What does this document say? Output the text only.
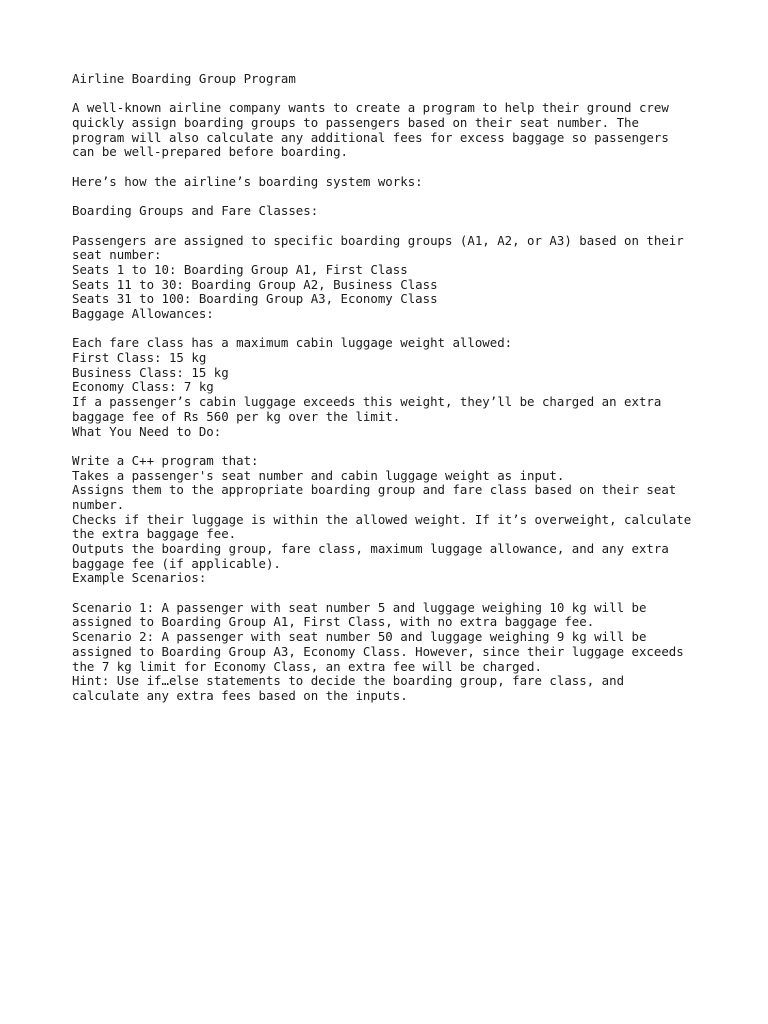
Airline Boarding Group Program
A well-known airline company wants to create a program to help their ground crew
quickly assign boarding groups to passengers based on their seat number. The
program will also calculate any additional fees for excess baggage so passengers
can be well-prepared before boarding.
Here’s how the airline’s boarding system works:
Boarding Groups and Fare Classes:
Passengers are assigned to specific boarding groups (A1, A2, or A3) based on their
seat number:
Seats 1 to 10: Boarding Group A1, First Class
Seats 11 to 30: Boarding Group A2, Business Class
Seats 31 to 100: Boarding Group A3, Economy Class
Baggage Allowances:
Each fare class has a maximum cabin luggage weight allowed:
First Class: 15 kg
Business Class: 15 kg
Economy Class: 7 kg
If a passenger’s cabin luggage exceeds this weight, they’ll be charged an extra
baggage fee of Rs 560 per kg over the limit.
What You Need to Do:
Write a C++ program that:
Takes a passenger's seat number and cabin luggage weight as input.
Assigns them to the appropriate boarding group and fare class based on their seat
number.
Checks if their luggage is within the allowed weight. If it’s overweight, calculate
the extra baggage fee.
Outputs the boarding group, fare class, maximum luggage allowance, and any extra
baggage fee (if applicable).
Example Scenarios:
Scenario 1: A passenger with seat number 5 and luggage weighing 10 kg will be
assigned to Boarding Group A1, First Class, with no extra baggage fee.
Scenario 2: A passenger with seat number 50 and luggage weighing 9 kg will be
assigned to Boarding Group A3, Economy Class. However, since their luggage exceeds
the 7 kg limit for Economy Class, an extra fee will be charged.
Hint: Use if…else statements to decide the boarding group, fare class, and
calculate any extra fees based on the inputs.
